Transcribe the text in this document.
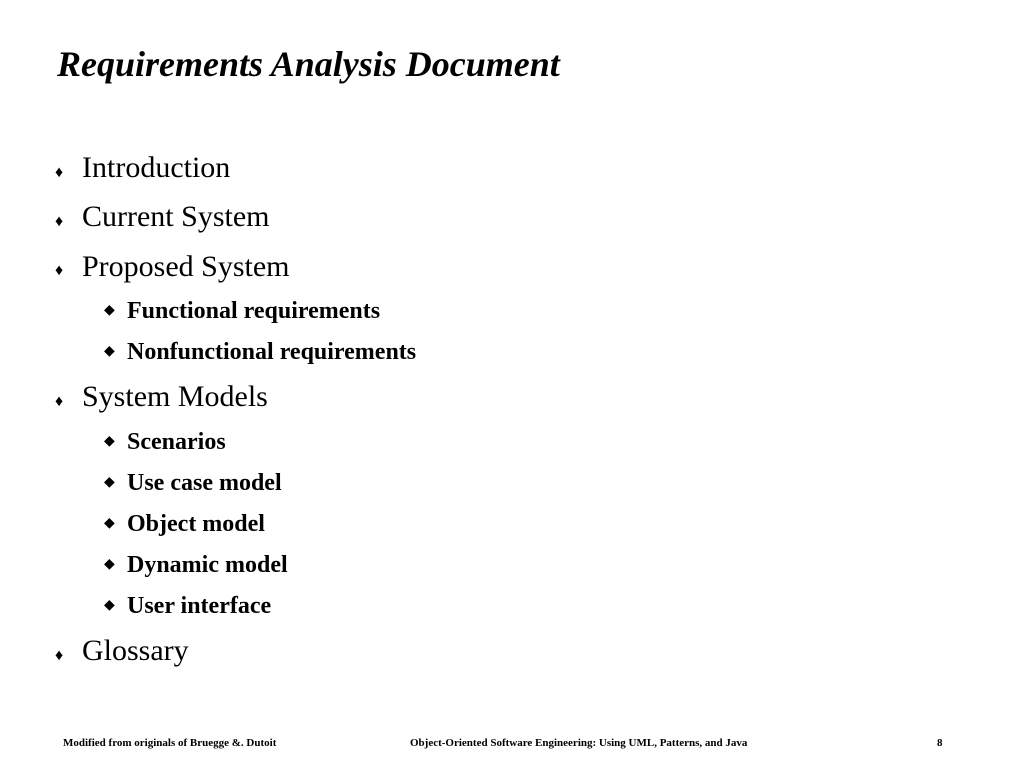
Requirements Analysis Document
♦ Introduction
♦ Current System
♦ Proposed System
◆ Functional requirements
◆ Nonfunctional requirements
♦ System Models
◆ Scenarios
◆ Use case model
◆ Object model
◆ Dynamic model
◆ User interface
♦ Glossary
Modified from originals of Bruegge &. Dutoit	Object-Oriented Software Engineering: Using UML, Patterns, and Java	8
